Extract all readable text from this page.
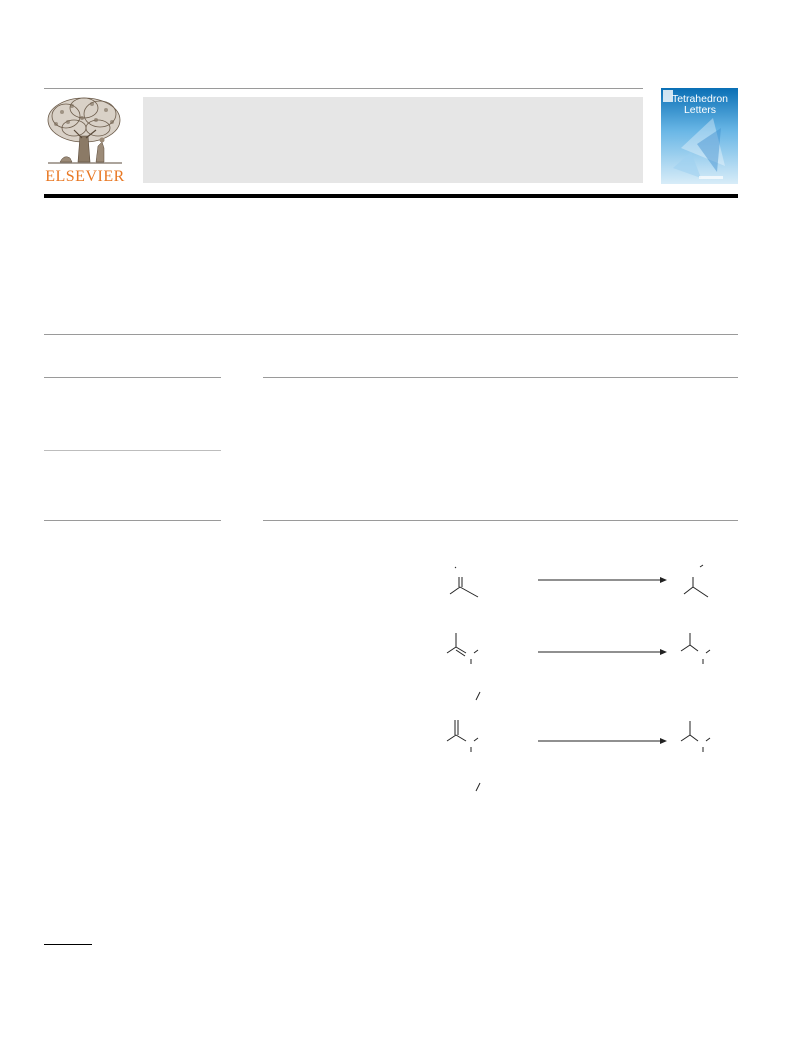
ELSEVIER
Tetrahedron
Letters
